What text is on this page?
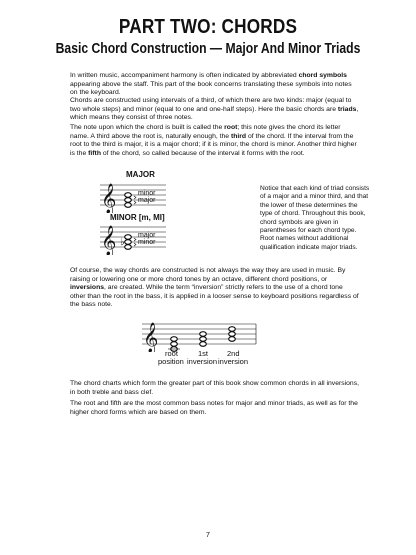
PART TWO: CHORDS
Basic Chord Construction — Major And Minor Triads

In written music, accompaniment harmony is often indicated by abbreviated chord symbols appearing above the staff. This part of the book concerns translating these symbols into notes on the keyboard.

Chords are constructed using intervals of a third, of which there are two kinds: major (equal to two whole steps) and minor (equal to one and one-half steps). Here the basic chords are triads, which means they consist of three notes.

The note upon which the chord is built is called the root; this note gives the chord its letter name. A third above the root is, naturally enough, the third of the chord. If the interval from the root to the third is major, it is a major chord; if it is minor, the chord is minor. Another third higher is the fifth of the chord, so called because of the interval it forms with the root.

MAJOR
𝄞	minor
major
MINOR [m, MI]
𝄞 ♭
major
minor
Notice that each kind of triad consists of a major and a minor third, and that the lower of these determines the type of chord. Throughout this book, chord symbols are given in parentheses for each chord type. Root names without additional qualification indicate major triads.

Of course, the way chords are constructed is not always the way they are used in music. By raising or lowering one or more chord tones by an octave, different chord positions, or inversions, are created. While the term “inversion” strictly refers to the use of a chord tone other than the root in the bass, it is applied in a looser sense to keyboard positions regardless of the bass note.

𝄞
root
position
1st
inversion
2nd
inversion

The chord charts which form the greater part of this book show common chords in all inversions, in both treble and bass clef.

The root and fifth are the most common bass notes for major and minor triads, as well as for the higher chord forms which are based on them.

7
